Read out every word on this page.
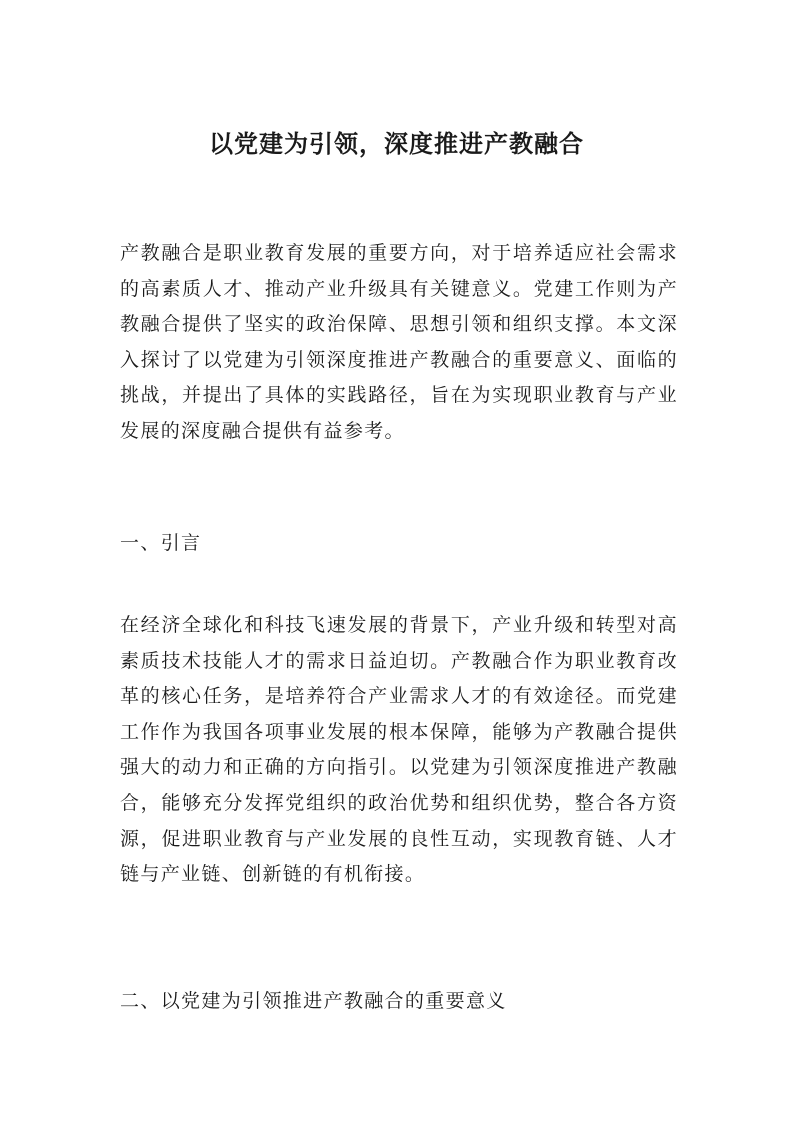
以党建为引领，深度推进产教融合

产教融合是职业教育发展的重要方向，对于培养适应社会需求的高素质人才、推动产业升级具有关键意义。党建工作则为产教融合提供了坚实的政治保障、思想引领和组织支撑。本文深入探讨了以党建为引领深度推进产教融合的重要意义、面临的挑战，并提出了具体的实践路径，旨在为实现职业教育与产业发展的深度融合提供有益参考。

一、引言

在经济全球化和科技飞速发展的背景下，产业升级和转型对高素质技术技能人才的需求日益迫切。产教融合作为职业教育改革的核心任务，是培养符合产业需求人才的有效途径。而党建工作作为我国各项事业发展的根本保障，能够为产教融合提供强大的动力和正确的方向指引。以党建为引领深度推进产教融合，能够充分发挥党组织的政治优势和组织优势，整合各方资源，促进职业教育与产业发展的良性互动，实现教育链、人才链与产业链、创新链的有机衔接。

二、以党建为引领推进产教融合的重要意义
